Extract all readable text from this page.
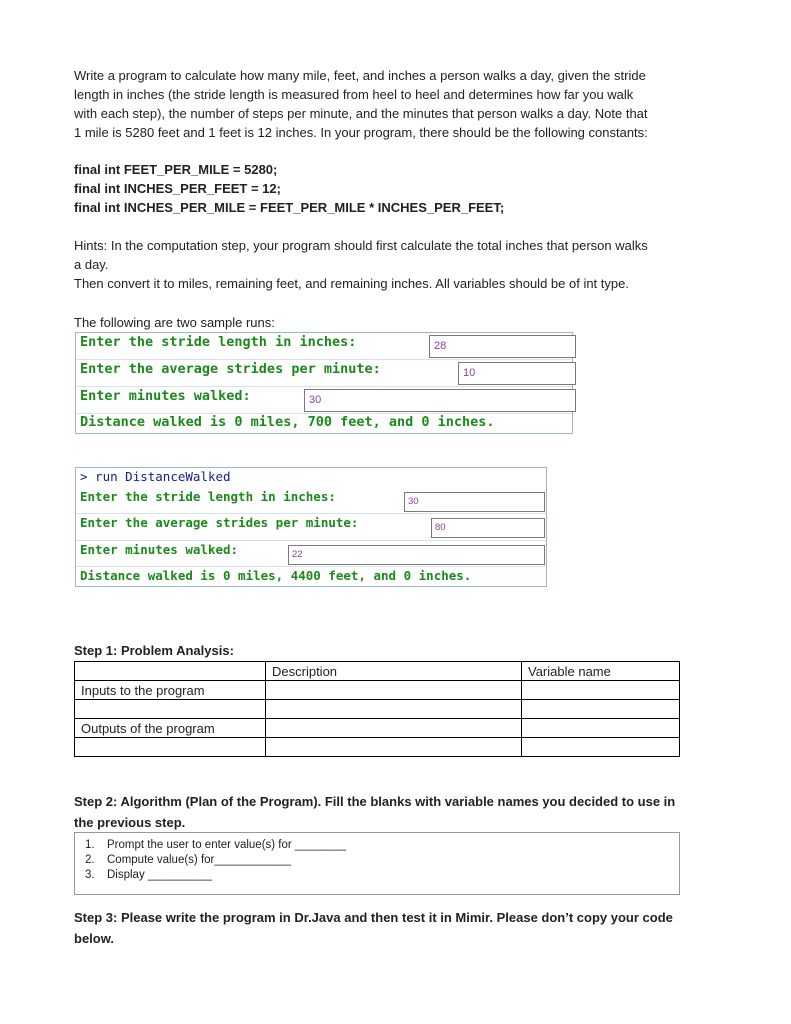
Write a program to calculate how many mile, feet, and inches a person walks a day, given the stride
length in inches (the stride length is measured from heel to heel and determines how far you walk
with each step), the number of steps per minute, and the minutes that person walks a day. Note that
1 mile is 5280 feet and 1 feet is 12 inches. In your program, there should be the following constants:
final int FEET_PER_MILE = 5280;
final int INCHES_PER_FEET = 12;
final int INCHES_PER_MILE = FEET_PER_MILE * INCHES_PER_FEET;
Hints: In the computation step, your program should first calculate the total inches that person walks
a day.
Then convert it to miles, remaining feet, and remaining inches. All variables should be of int type.
The following are two sample runs:
Enter the stride length in inches:	28
Enter the average strides per minute:	10
Enter minutes walked:	30
Distance walked is 0 miles, 700 feet, and 0 inches.
> run DistanceWalked
Enter the stride length in inches:	30
Enter the average strides per minute:	80
Enter minutes walked:	22
Distance walked is 0 miles, 4400 feet, and 0 inches.
Step 1: Problem Analysis:
	Description	Variable name
Inputs to the program		

Outputs of the program		

Step 2: Algorithm (Plan of the Program). Fill the blanks with variable names you decided to use in
the previous step.
1. Prompt the user to enter value(s) for ________
2. Compute value(s) for____________
3. Display __________
Step 3: Please write the program in Dr.Java and then test it in Mimir. Please don’t copy your code
below.
